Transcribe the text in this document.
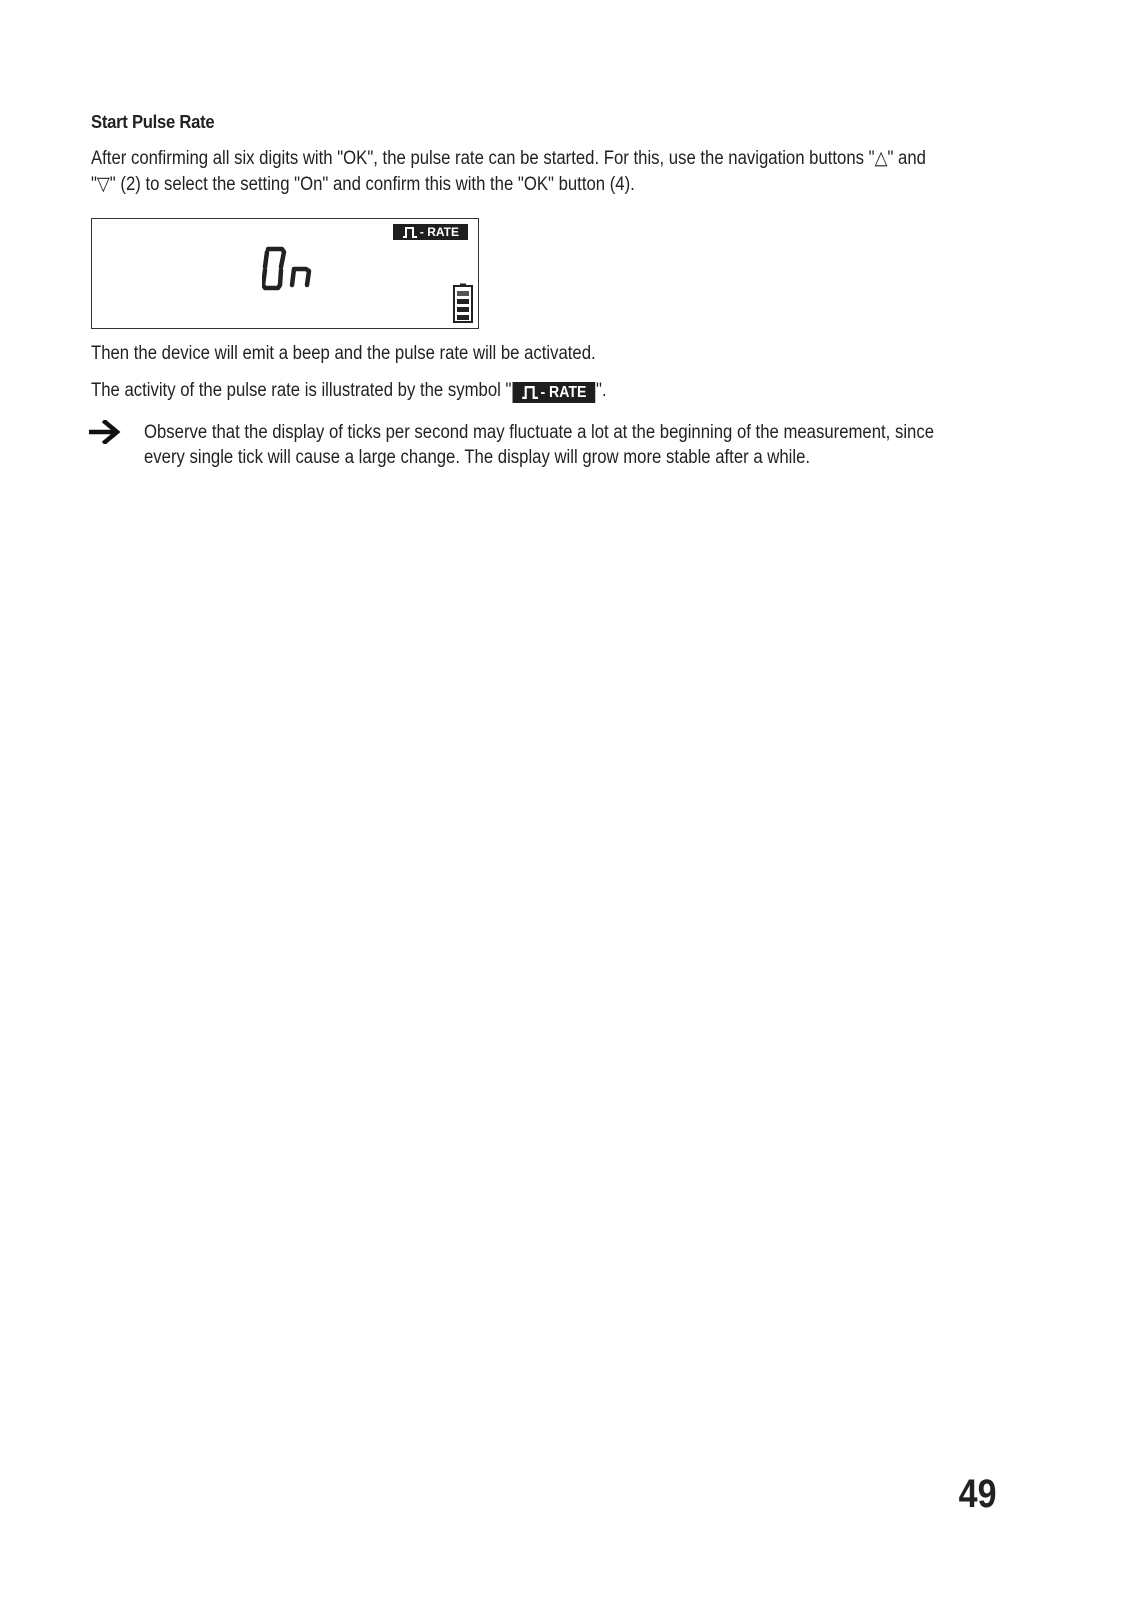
Start Pulse Rate
After confirming all six digits with "OK", the pulse rate can be started. For this, use the navigation buttons "△" and
"▽" (2) to select the setting "On" and confirm this with the "OK" button (4).
- RATE
Then the device will emit a beep and the pulse rate will be activated.
The activity of the pulse rate is illustrated by the symbol " - RATE ".
Observe that the display of ticks per second may fluctuate a lot at the beginning of the measurement, since
every single tick will cause a large change. The display will grow more stable after a while.
49
